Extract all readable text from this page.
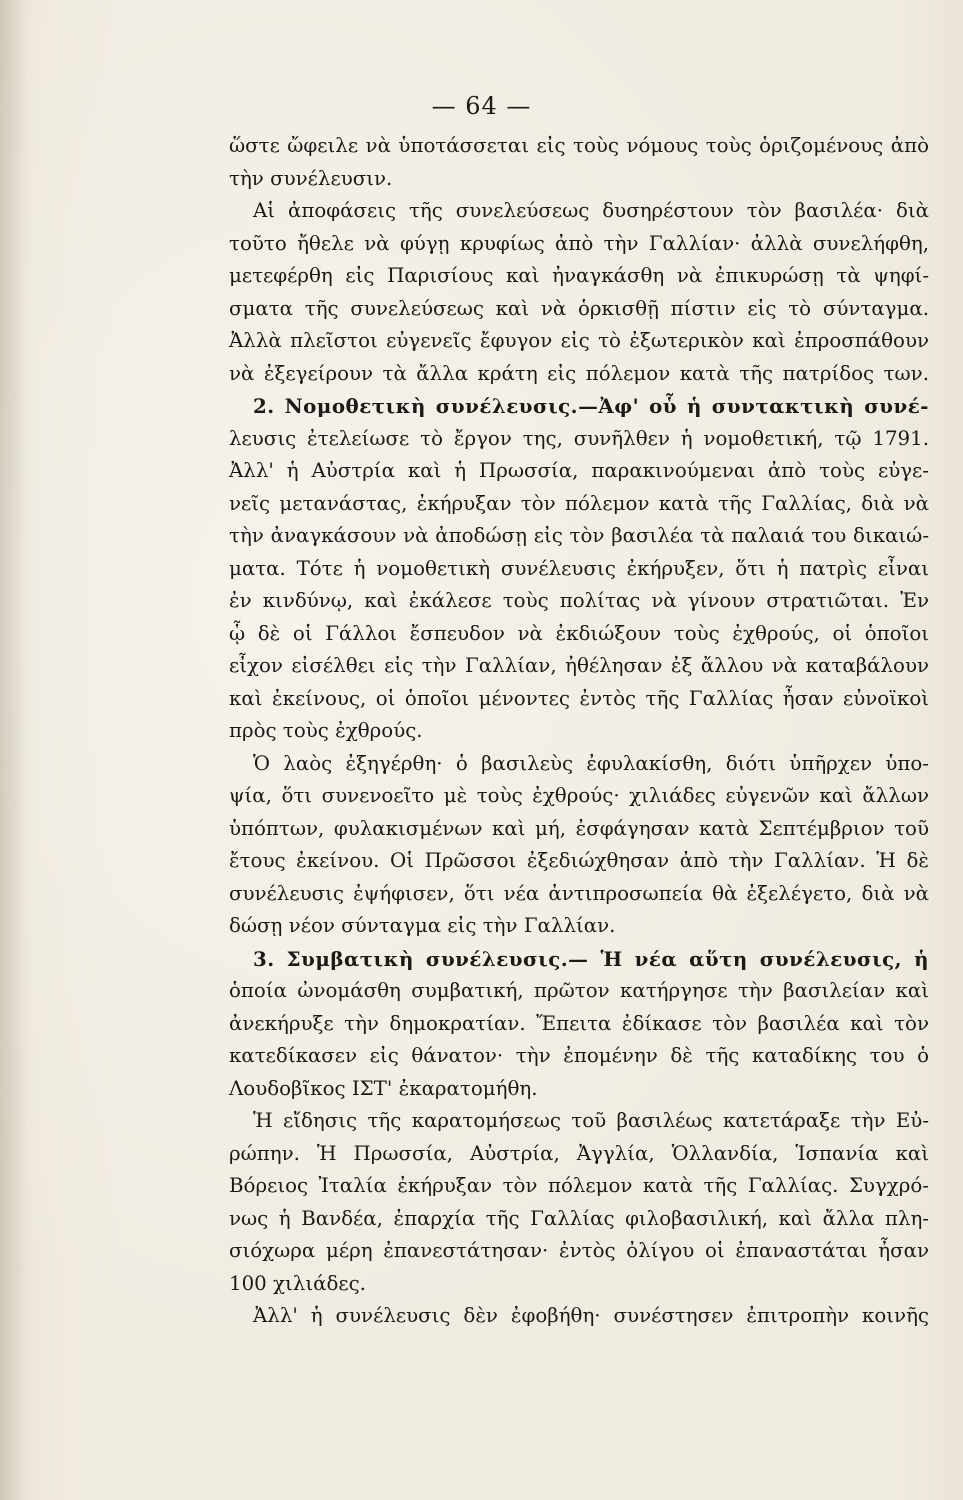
— 64 —
ὥστε ὤφειλε νὰ ὑποτάσσεται εἰς τοὺς νόμους τοὺς ὁριζομένους ἀπὸ
τὴν συνέλευσιν.
Αἱ ἀποφάσεις τῆς συνελεύσεως δυσηρέστουν τὸν βασιλέα· διὰ
τοῦτο ἤθελε νὰ φύγῃ κρυφίως ἀπὸ τὴν Γαλλίαν· ἀλλὰ συνελήφθη,
μετεφέρθη εἰς Παρισίους καὶ ἠναγκάσθη νὰ ἐπικυρώσῃ τὰ ψηφί-
σματα τῆς συνελεύσεως καὶ νὰ ὁρκισθῇ πίστιν εἰς τὸ σύνταγμα.
Ἀλλὰ πλεῖστοι εὐγενεῖς ἔφυγον εἰς τὸ ἐξωτερικὸν καὶ ἐπροσπάθουν
νὰ ἐξεγείρουν τὰ ἄλλα κράτη εἰς πόλεμον κατὰ τῆς πατρίδος των.
2. Νομοθετικὴ συνέλευσις.—Ἀφ' οὗ ἡ συντακτικὴ συνέ-
λευσις ἐτελείωσε τὸ ἔργον της, συνῆλθεν ἡ νομοθετική, τῷ 1791.
Ἀλλ' ἡ Αὐστρία καὶ ἡ Πρωσσία, παρακινούμεναι ἀπὸ τοὺς εὐγε-
νεῖς μετανάστας, ἐκήρυξαν τὸν πόλεμον κατὰ τῆς Γαλλίας, διὰ νὰ
τὴν ἀναγκάσουν νὰ ἀποδώσῃ εἰς τὸν βασιλέα τὰ παλαιά του δικαιώ-
ματα. Τότε ἡ νομοθετικὴ συνέλευσις ἐκήρυξεν, ὅτι ἡ πατρὶς εἶναι
ἐν κινδύνῳ, καὶ ἐκάλεσε τοὺς πολίτας νὰ γίνουν στρατιῶται. Ἐν
ᾧ δὲ οἱ Γάλλοι ἔσπευδον νὰ ἐκδιώξουν τοὺς ἐχθρούς, οἱ ὁποῖοι
εἶχον εἰσέλθει εἰς τὴν Γαλλίαν, ἠθέλησαν ἐξ ἄλλου νὰ καταβάλουν
καὶ ἐκείνους, οἱ ὁποῖοι μένοντες ἐντὸς τῆς Γαλλίας ἦσαν εὐνοϊκοὶ
πρὸς τοὺς ἐχθρούς.
Ὁ λαὸς ἐξηγέρθη· ὁ βασιλεὺς ἐφυλακίσθη, διότι ὑπῆρχεν ὑπο-
ψία, ὅτι συνενοεῖτο μὲ τοὺς ἐχθρούς· χιλιάδες εὐγενῶν καὶ ἄλλων
ὑπόπτων, φυλακισμένων καὶ μή, ἐσφάγησαν κατὰ Σεπτέμβριον τοῦ
ἔτους ἐκείνου. Οἱ Πρῶσσοι ἐξεδιώχθησαν ἀπὸ τὴν Γαλλίαν. Ἡ δὲ
συνέλευσις ἐψήφισεν, ὅτι νέα ἀντιπροσωπεία θὰ ἐξελέγετο, διὰ νὰ
δώσῃ νέον σύνταγμα εἰς τὴν Γαλλίαν.
3. Συμβατικὴ συνέλευσις.— Ἡ νέα αὕτη συνέλευσις, ἡ
ὁποία ὠνομάσθη συμβατική, πρῶτον κατήργησε τὴν βασιλείαν καὶ
ἀνεκήρυξε τὴν δημοκρατίαν. Ἔπειτα ἐδίκασε τὸν βασιλέα καὶ τὸν
κατεδίκασεν εἰς θάνατον· τὴν ἐπομένην δὲ τῆς καταδίκης του ὁ
Λουδοβῖκος ΙΣΤ' ἐκαρατομήθη.
Ἡ εἴδησις τῆς καρατομήσεως τοῦ βασιλέως κατετάραξε τὴν Εὐ-
ρώπην. Ἡ Πρωσσία, Αὐστρία, Ἀγγλία, Ὁλλανδία, Ἱσπανία καὶ
Βόρειος Ἰταλία ἐκήρυξαν τὸν πόλεμον κατὰ τῆς Γαλλίας. Συγχρό-
νως ἡ Βανδέα, ἐπαρχία τῆς Γαλλίας φιλοβασιλική, καὶ ἄλλα πλη-
σιόχωρα μέρη ἐπανεστάτησαν· ἐντὸς ὀλίγου οἱ ἐπαναστάται ἦσαν
100 χιλιάδες.
Ἀλλ' ἡ συνέλευσις δὲν ἐφοβήθη· συνέστησεν ἐπιτροπὴν κοινῆς
